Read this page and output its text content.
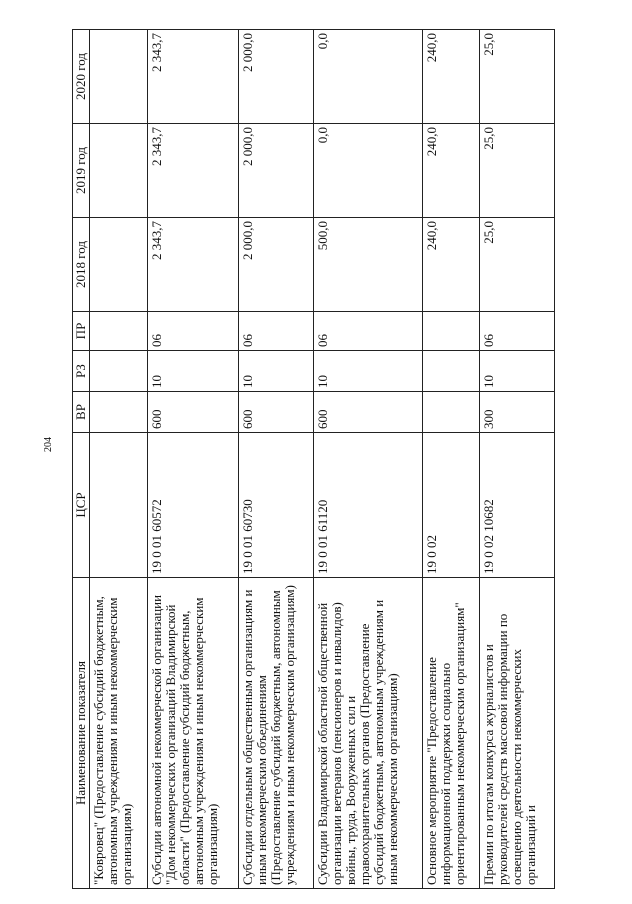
204
Наименование показателя	ЦСР	ВР	РЗ	ПР	2018 год	2019 год	2020 год
"Ковровец" (Предоставление субсидий бюджетным, автономным учреждениям и иным некоммерческим организациям)							
Субсидии автономной некоммерческой организации "Дом некоммерческих организаций Владимирской области" (Предоставление субсидий бюджетным, автономным учреждениям и иным некоммерческим организациям)	19 0 01 60572	600	10	06	2 343,7	2 343,7	2 343,7
Субсидии отдельным общественным организациям и иным некоммерческим объединениям (Предоставление субсидий бюджетным, автономным учреждениям и иным некоммерческим организациям)	19 0 01 60730	600	10	06	2 000,0	2 000,0	2 000,0
Субсидии Владимирской областной общественной организации ветеранов (пенсионеров и инвалидов) войны, труда, Вооруженных сил и правоохранительных органов (Предоставление субсидий бюджетным, автономным учреждениям и иным некоммерческим организациям)	19 0 01 61120	600	10	06	500,0	0,0	0,0
Основное мероприятие "Предоставление информационной поддержки социально ориентированным некоммерческим организациям"	19 0 02				240,0	240,0	240,0
Премии по итогам конкурса журналистов и руководителей средств массовой информации по освещению деятельности некоммерческих организаций и	19 0 02 10682	300	10	06	25,0	25,0	25,0
